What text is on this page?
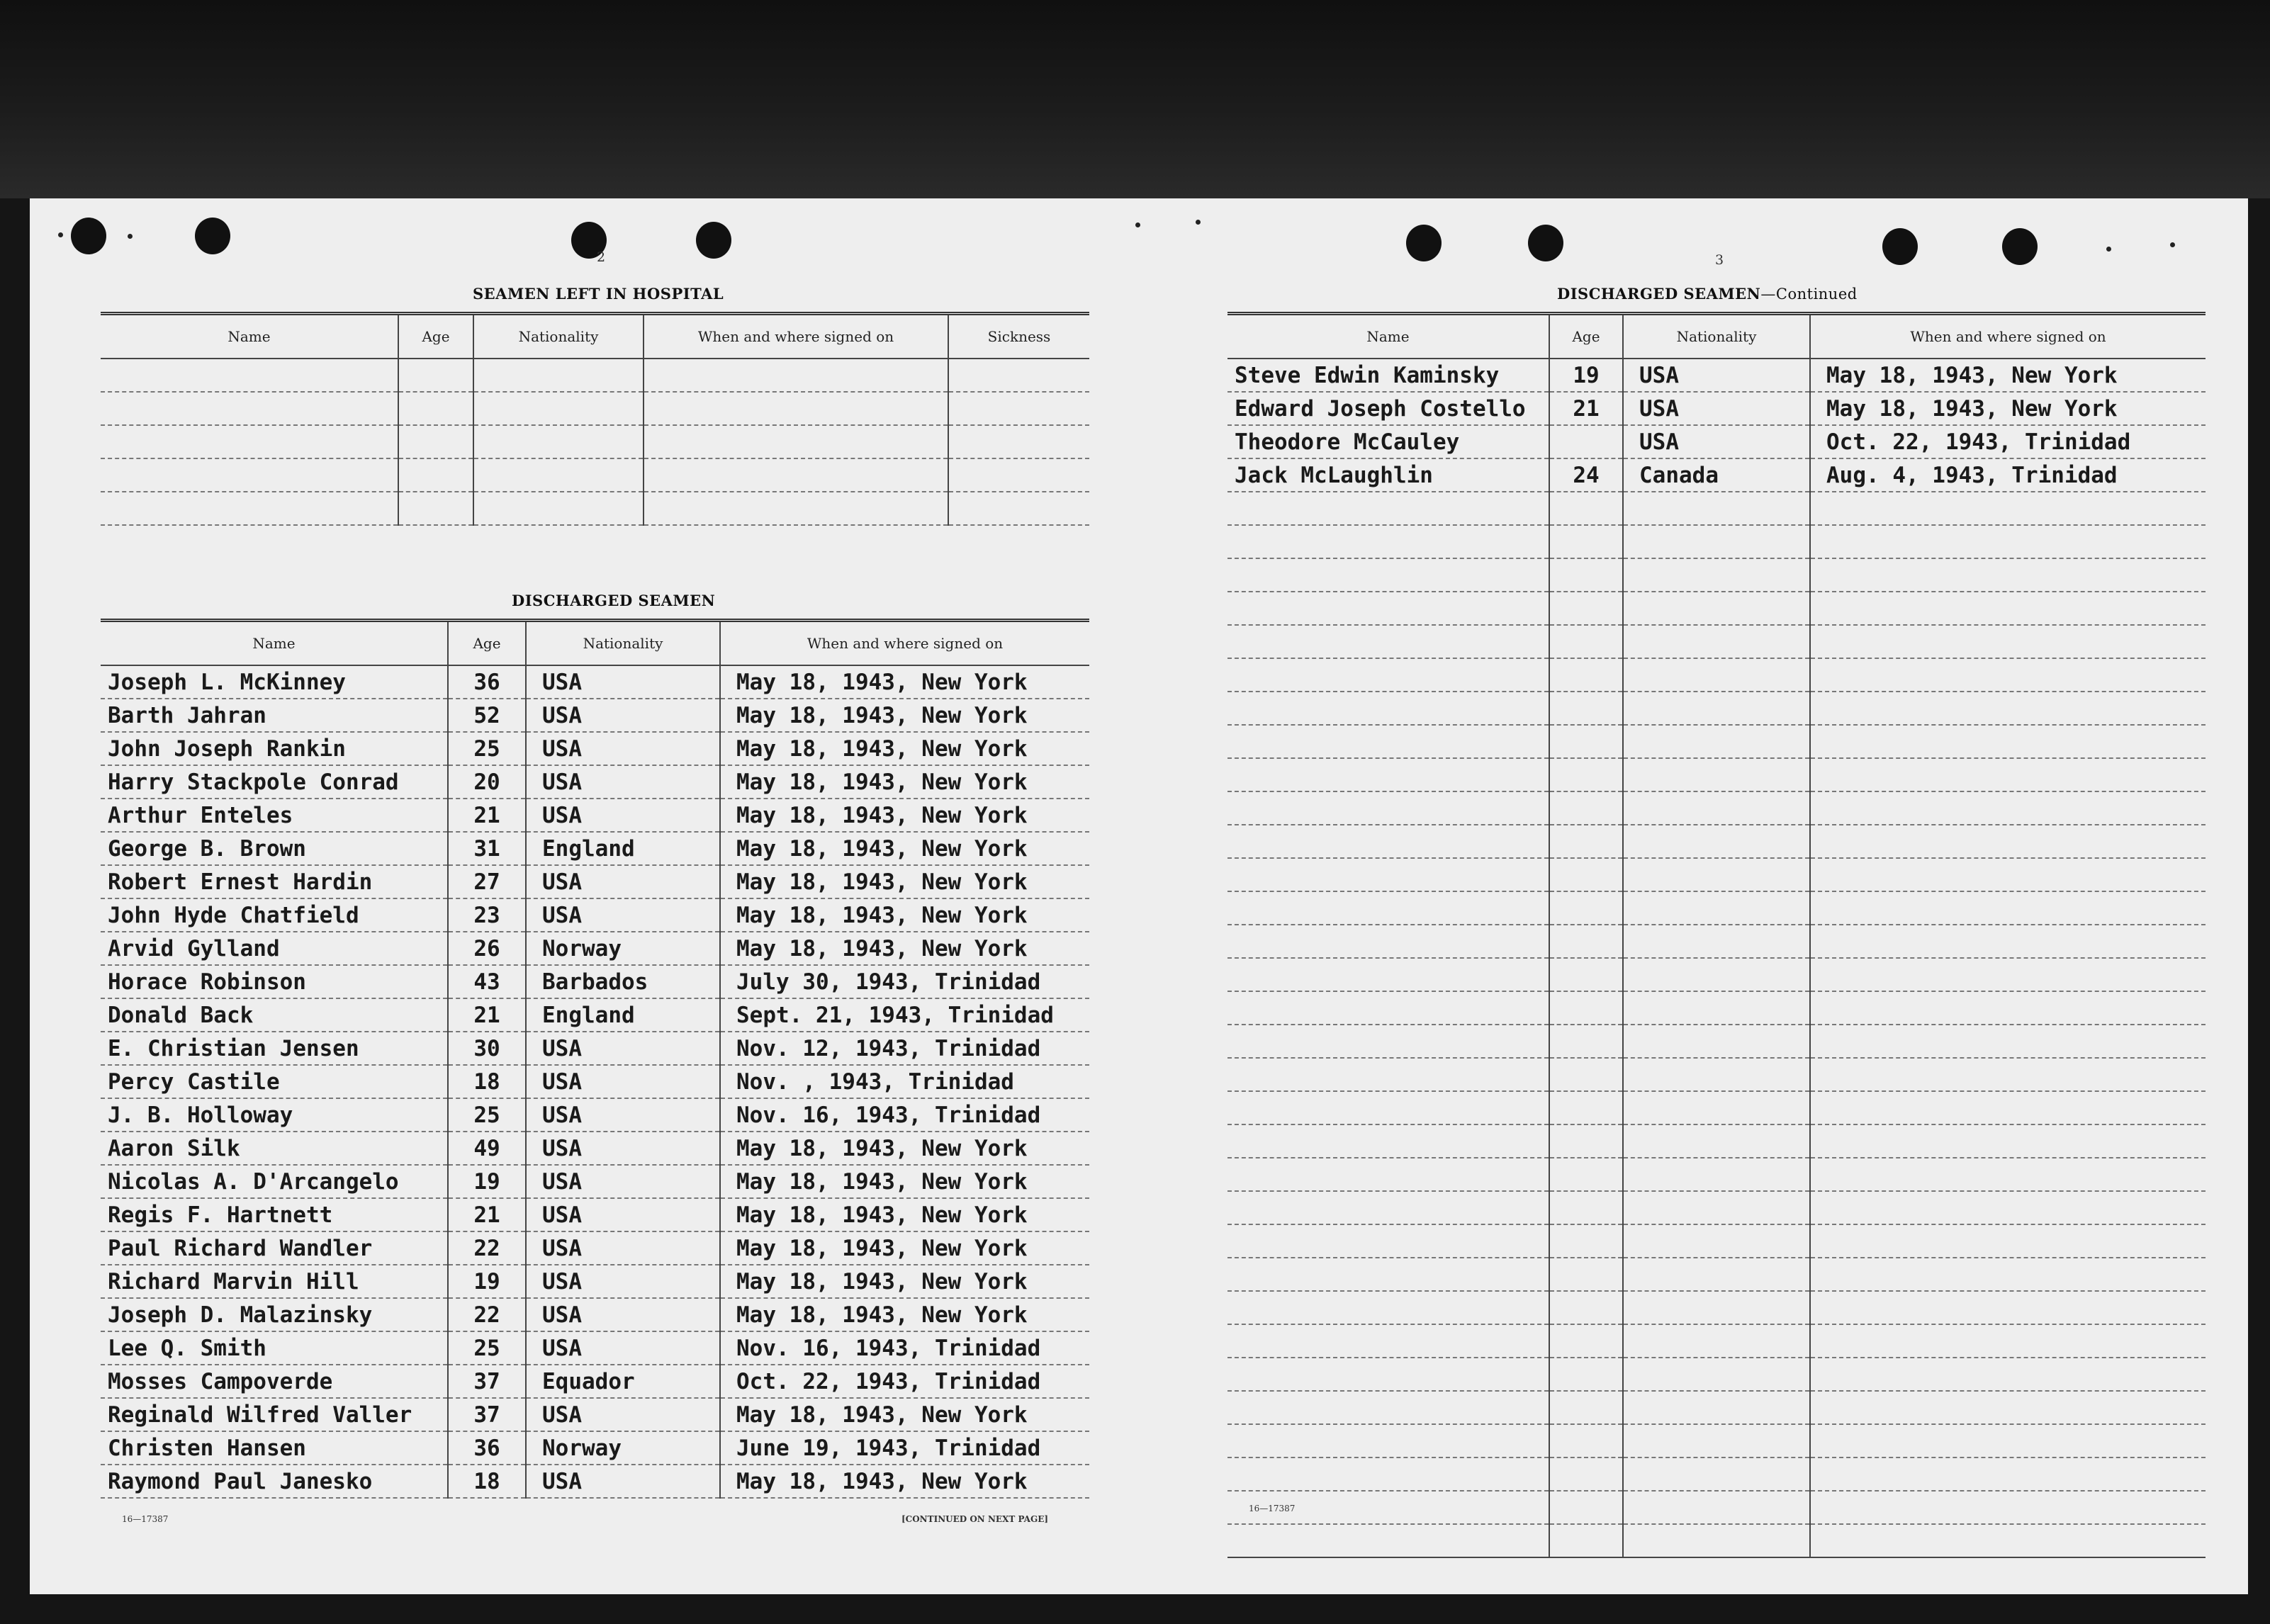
2
SEAMEN LEFT IN HOSPITAL
Name	Age	Nationality	When and where signed on	Sickness

DISCHARGED SEAMEN
Name	Age	Nationality	When and where signed on
Joseph L. McKinney	36	USA	May 18, 1943, New York
Barth Jahran	52	USA	May 18, 1943, New York
John Joseph Rankin	25	USA	May 18, 1943, New York
Harry Stackpole Conrad	20	USA	May 18, 1943, New York
Arthur Enteles	21	USA	May 18, 1943, New York
George B. Brown	31	England	May 18, 1943, New York
Robert Ernest Hardin	27	USA	May 18, 1943, New York
John Hyde Chatfield	23	USA	May 18, 1943, New York
Arvid Gylland	26	Norway	May 18, 1943, New York
Horace Robinson	43	Barbados	July 30, 1943, Trinidad
Donald Back	21	England	Sept. 21, 1943, Trinidad
E. Christian Jensen	30	USA	Nov. 12, 1943, Trinidad
Percy Castile	18	USA	Nov. , 1943, Trinidad
J. B. Holloway	25	USA	Nov. 16, 1943, Trinidad
Aaron Silk	49	USA	May 18, 1943, New York
Nicolas A. D'Arcangelo	19	USA	May 18, 1943, New York
Regis F. Hartnett	21	USA	May 18, 1943, New York
Paul Richard Wandler	22	USA	May 18, 1943, New York
Richard Marvin Hill	19	USA	May 18, 1943, New York
Joseph D. Malazinsky	22	USA	May 18, 1943, New York
Lee Q. Smith	25	USA	Nov. 16, 1943, Trinidad
Mosses Campoverde	37	Equador	Oct. 22, 1943, Trinidad
Reginald Wilfred Valler	37	USA	May 18, 1943, New York
Christen Hansen	36	Norway	June 19, 1943, Trinidad
Raymond Paul Janesko	18	USA	May 18, 1943, New York
16—17387	[CONTINUED ON NEXT PAGE]
3
DISCHARGED SEAMEN—Continued
Name	Age	Nationality	When and where signed on
Steve Edwin Kaminsky	19	USA	May 18, 1943, New York
Edward Joseph Costello	21	USA	May 18, 1943, New York
Theodore McCauley		USA	Oct. 22, 1943, Trinidad
Jack McLaughlin	24	Canada	Aug. 4, 1943, Trinidad

16—17387
